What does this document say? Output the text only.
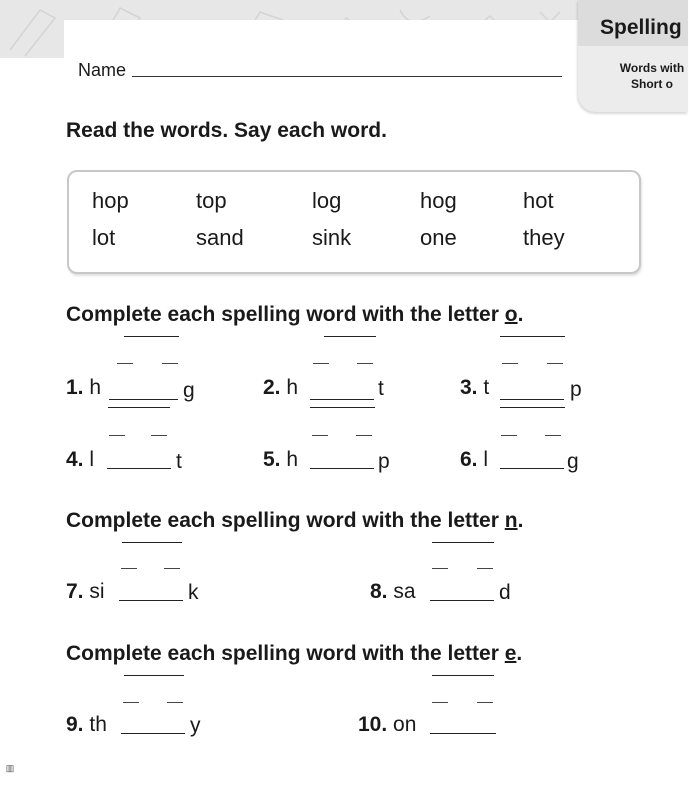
Name
Spelling
Words with
Short o
Read the words. Say each word.
hop	top	log	hog	hot
lot	sand	sink	one	they
Complete each spelling word with the letter o.
1. h	g	2. h	t	3. t	p
4. l	t	5. h	p	6. l	g
Complete each spelling word with the letter n.
7. si	k	8. sa	d
Complete each spelling word with the letter e.
9. th	y	10. on
▥
